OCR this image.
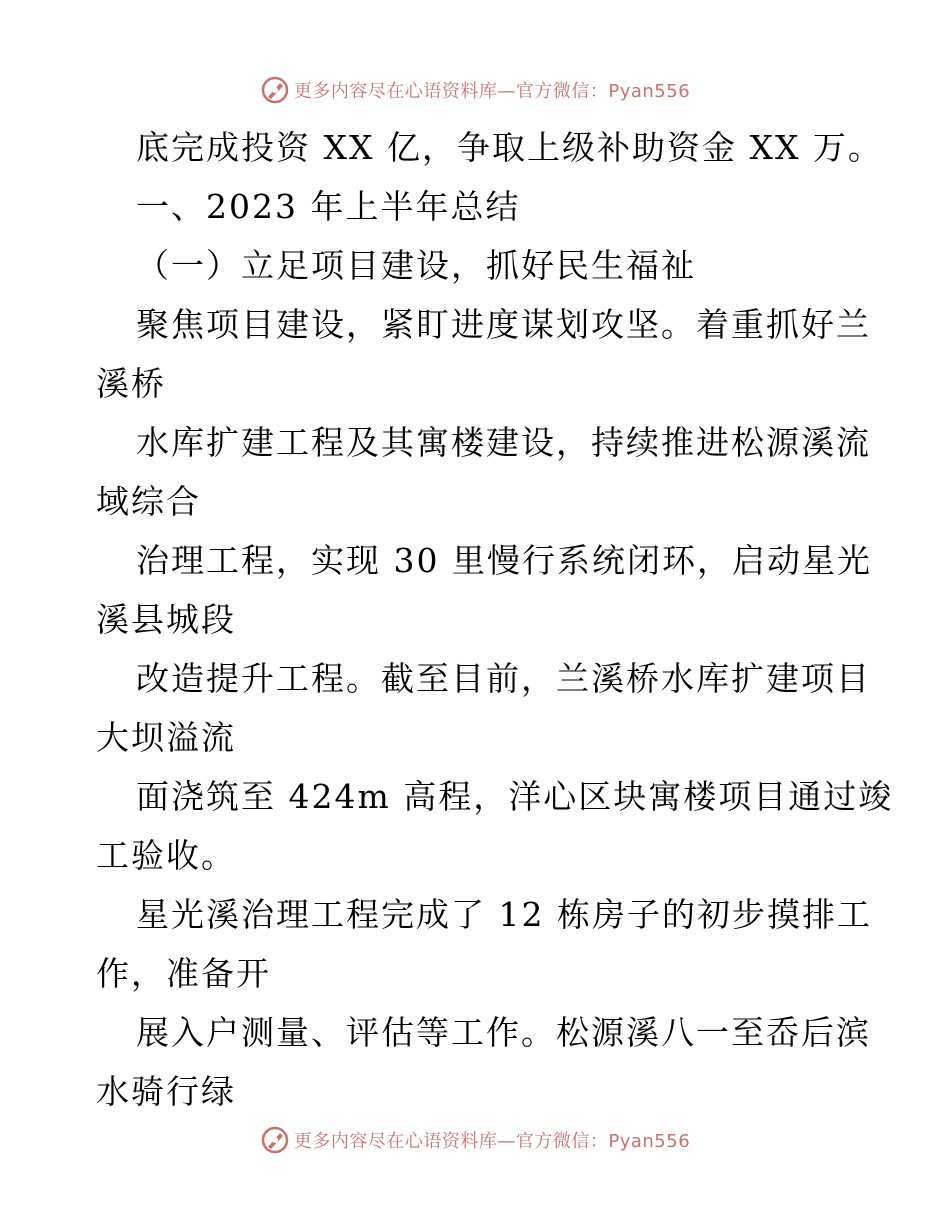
更多内容尽在心语资料库—官方微信：Pyan556
底完成投资 XX 亿，争取上级补助资金 XX 万。
一、2023 年上半年总结
（一）立足项目建设，抓好民生福祉
聚焦项目建设，紧盯进度谋划攻坚。着重抓好兰
溪桥
水库扩建工程及其寓楼建设，持续推进松源溪流
域综合
治理工程，实现 30 里慢行系统闭环，启动星光
溪县城段
改造提升工程。截至目前，兰溪桥水库扩建项目
大坝溢流
面浇筑至 424m 高程，洋心区块寓楼项目通过竣
工验收。
星光溪治理工程完成了 12 栋房子的初步摸排工
作，准备开
展入户测量、评估等工作。松源溪八一至岙后滨
水骑行绿
更多内容尽在心语资料库—官方微信：Pyan556
